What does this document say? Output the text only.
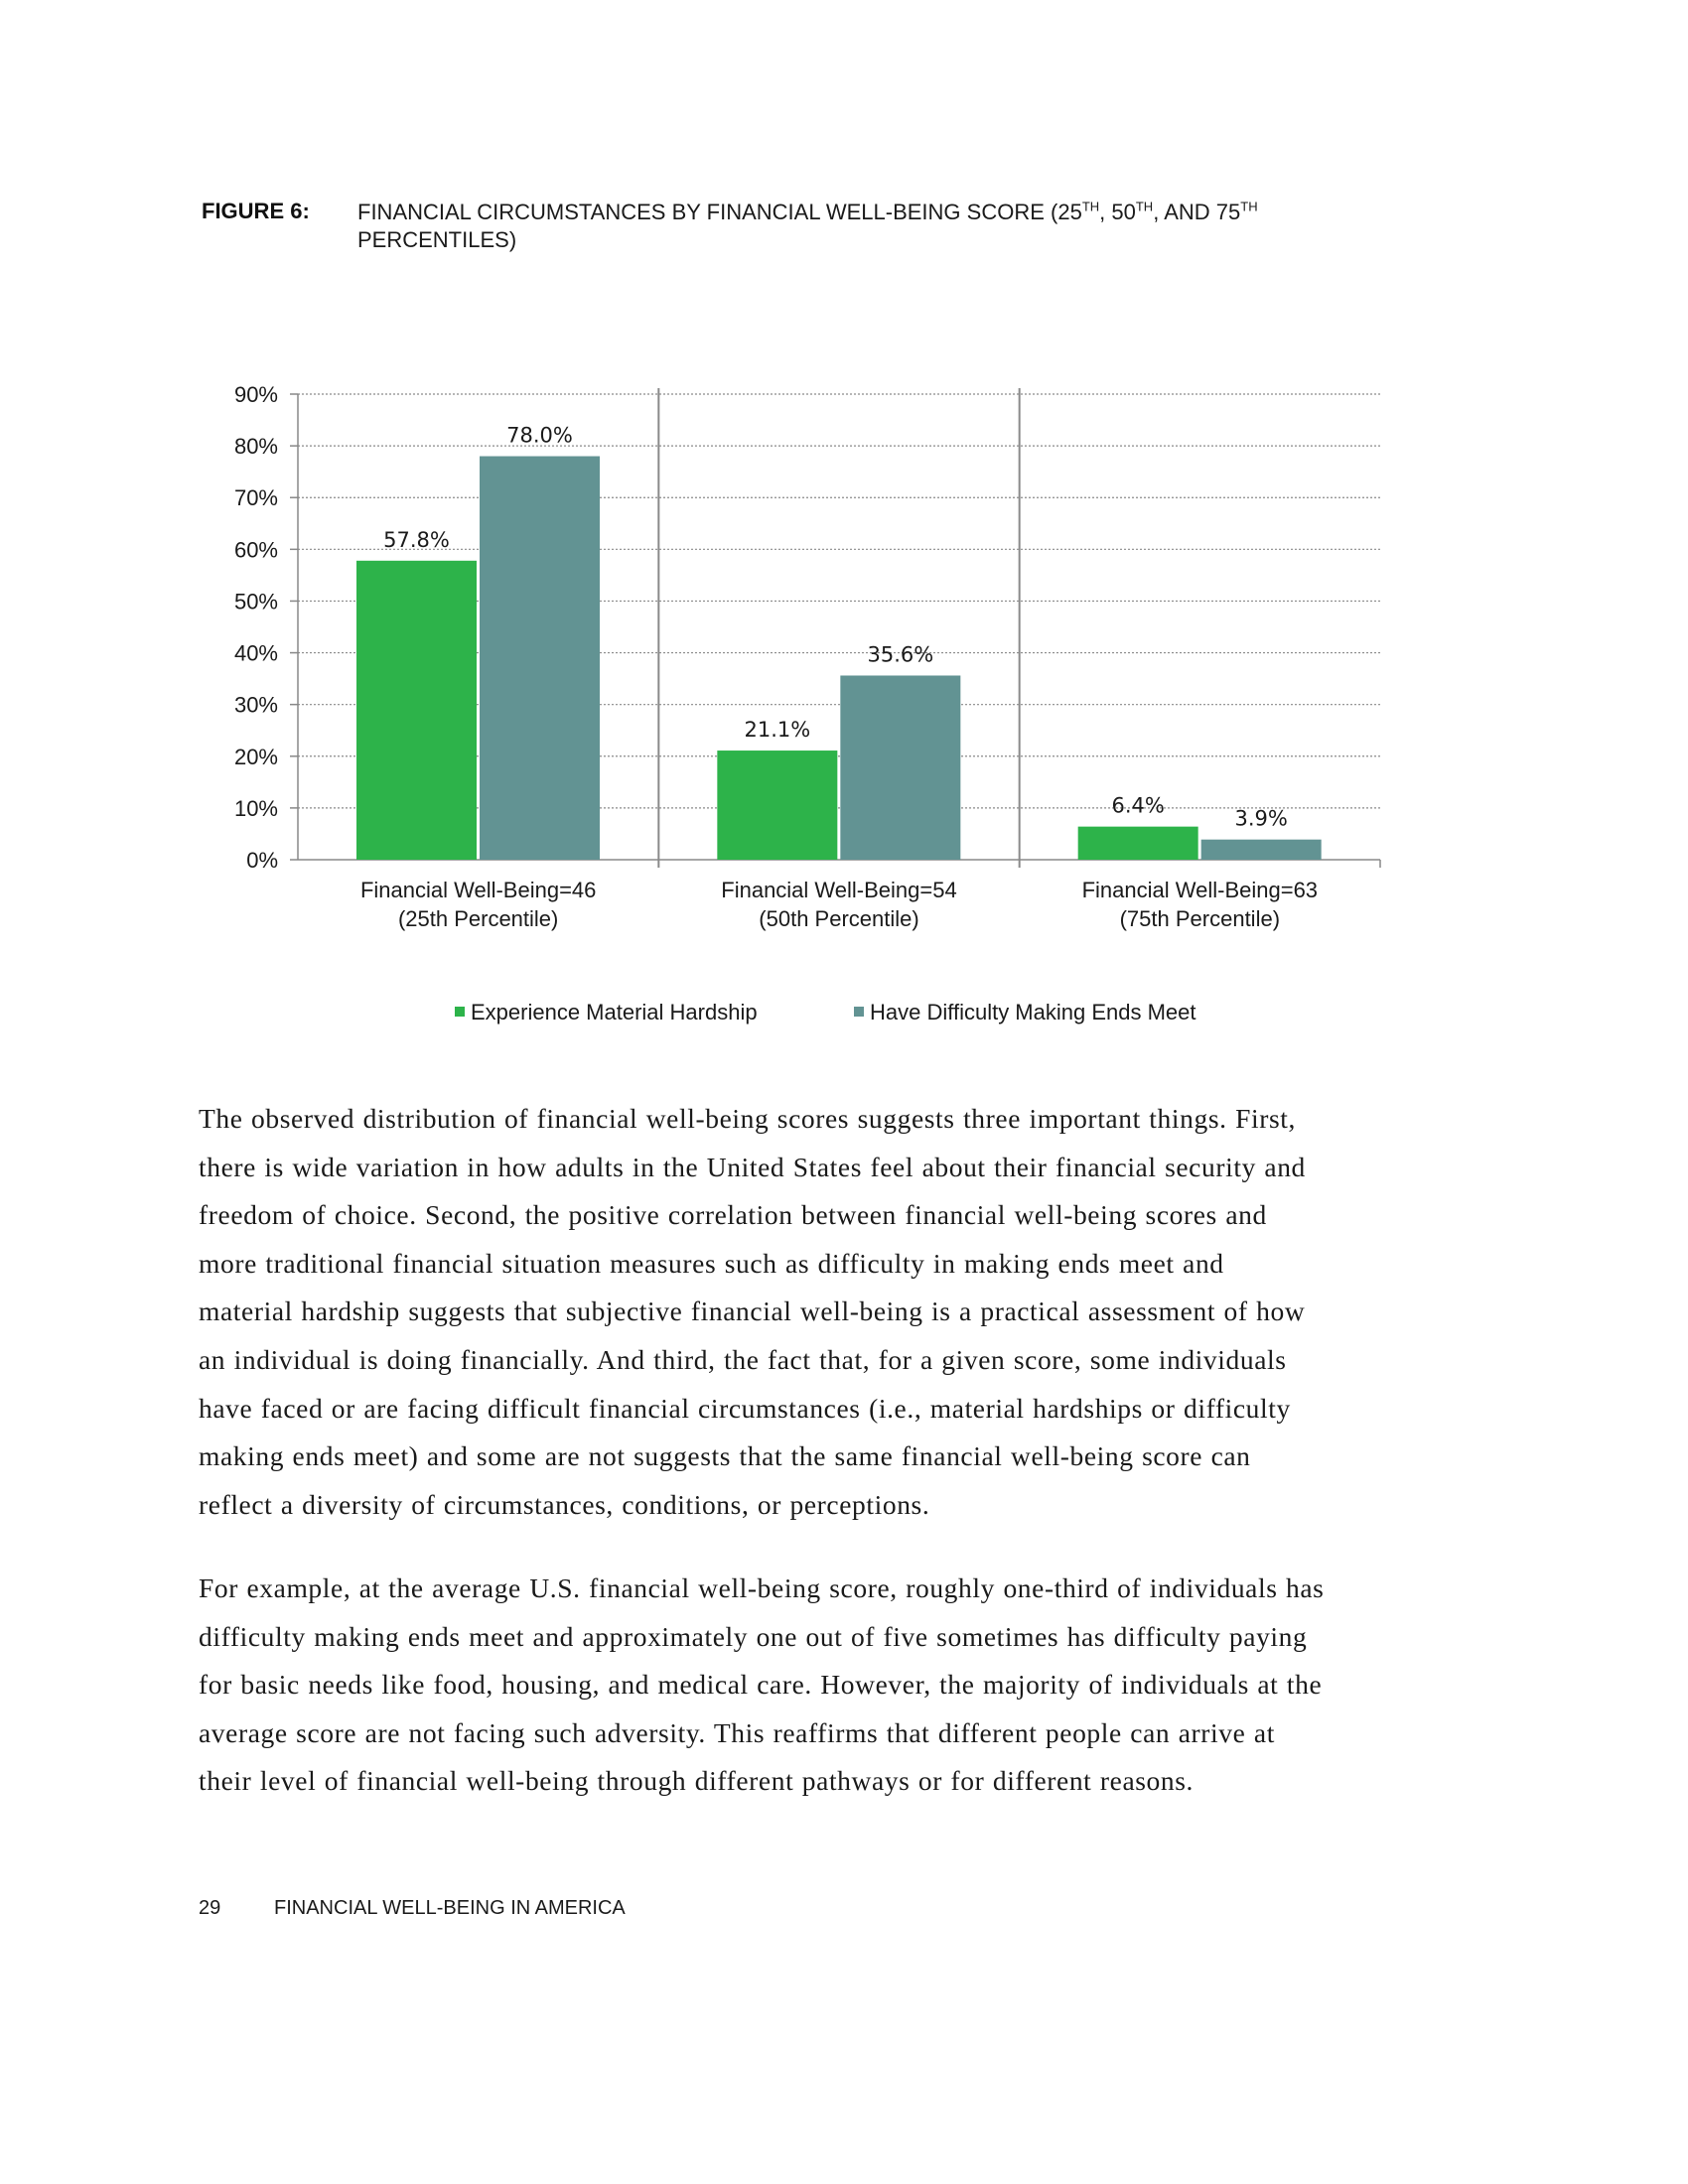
FIGURE 6: FINANCIAL CIRCUMSTANCES BY FINANCIAL WELL-BEING SCORE (25TH, 50TH, AND 75TH
PERCENTILES)
0%
10%
20%
30%
40%
50%
60%
70%
80%
90%
57.8%
78.0%
Financial Well-Being=46
(25th Percentile)
21.1%
35.6%
Financial Well-Being=54
(50th Percentile)
6.4%
3.9%
Financial Well-Being=63
(75th Percentile)
Experience Material Hardship	Have Difficulty Making Ends Meet
The observed distribution of financial well-being scores suggests three important things. First,
there is wide variation in how adults in the United States feel about their financial security and
freedom of choice. Second, the positive correlation between financial well-being scores and
more traditional financial situation measures such as difficulty in making ends meet and
material hardship suggests that subjective financial well-being is a practical assessment of how
an individual is doing financially. And third, the fact that, for a given score, some individuals
have faced or are facing difficult financial circumstances (i.e., material hardships or difficulty
making ends meet) and some are not suggests that the same financial well-being score can
reflect a diversity of circumstances, conditions, or perceptions.
For example, at the average U.S. financial well-being score, roughly one-third of individuals has
difficulty making ends meet and approximately one out of five sometimes has difficulty paying
for basic needs like food, housing, and medical care. However, the majority of individuals at the
average score are not facing such adversity. This reaffirms that different people can arrive at
their level of financial well-being through different pathways or for different reasons.
29	FINANCIAL WELL-BEING IN AMERICA
